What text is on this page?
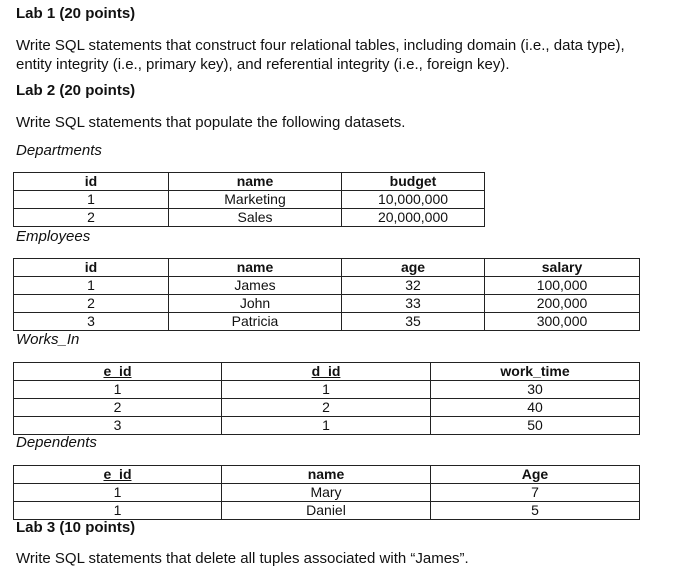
Lab 1 (20 points)
Write SQL statements that construct four relational tables, including domain (i.e., data type),
entity integrity (i.e., primary key), and referential integrity (i.e., foreign key).
Lab 2 (20 points)
Write SQL statements that populate the following datasets.
Departments
id	name	budget
1	Marketing	10,000,000
2	Sales	20,000,000
Employees
id	name	age	salary
1	James	32	100,000
2	John	33	200,000
3	Patricia	35	300,000
Works_In
e_id	d_id	work_time
1	1	30
2	2	40
3	1	50
Dependents
e_id	name	Age
1	Mary	7
1	Daniel	5
Lab 3 (10 points)
Write SQL statements that delete all tuples associated with “James”.
